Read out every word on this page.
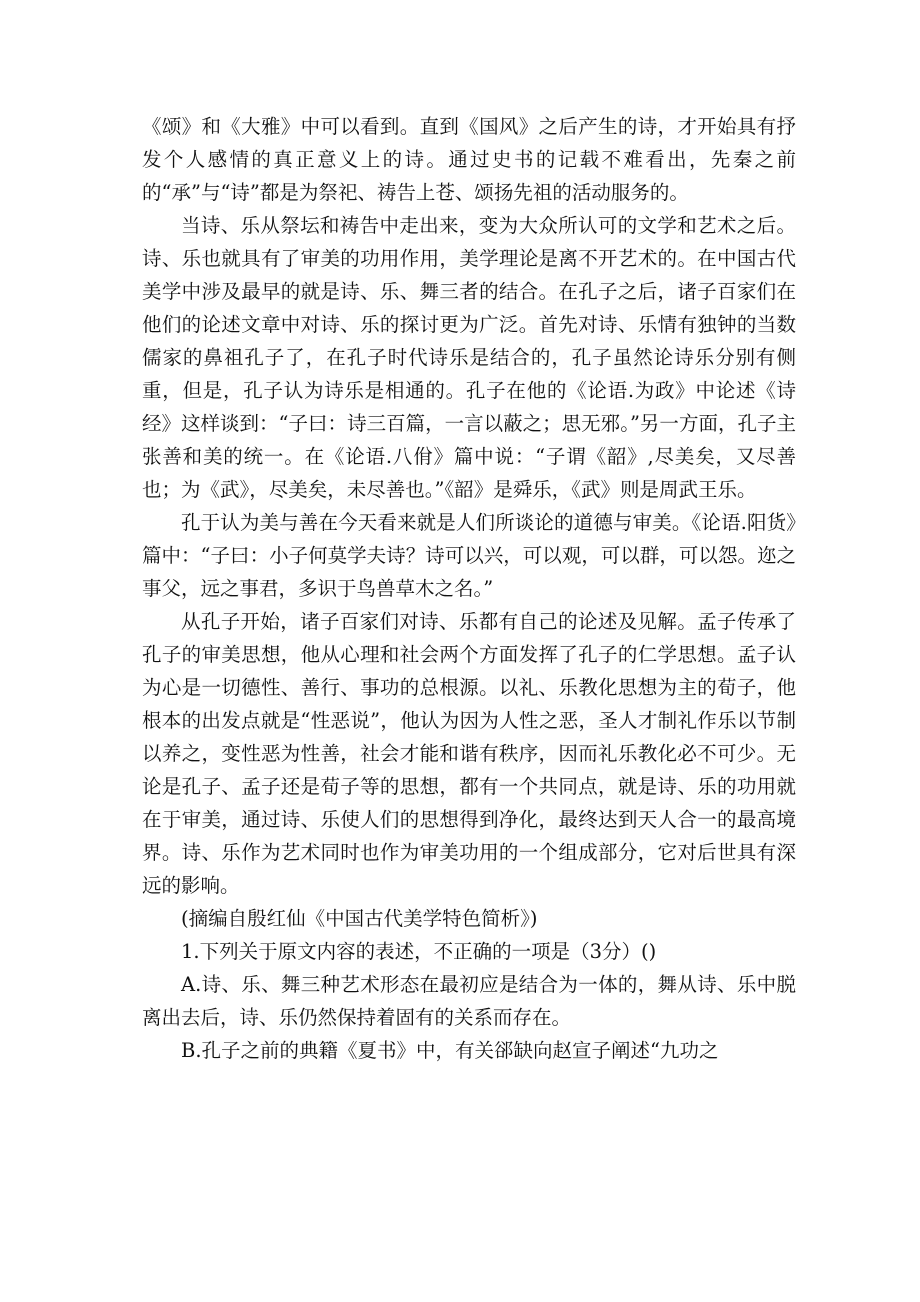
《颂》和《大雅》中可以看到。直到《国风》之后产生的诗，才开始具有抒发个人感情的真正意义上的诗。通过史书的记载不难看出，先秦之前的“承”与“诗”都是为祭祀、祷告上苍、颂扬先祖的活动服务的。

当诗、乐从祭坛和祷告中走出来，变为大众所认可的文学和艺术之后。诗、乐也就具有了审美的功用作用，美学理论是离不开艺术的。在中国古代美学中涉及最早的就是诗、乐、舞三者的结合。在孔子之后，诸子百家们在他们的论述文章中对诗、乐的探讨更为广泛。首先对诗、乐情有独钟的当数儒家的鼻祖孔子了，在孔子时代诗乐是结合的，孔子虽然论诗乐分别有侧重，但是，孔子认为诗乐是相通的。孔子在他的《论语.为政》中论述《诗经》这样谈到：“子曰：诗三百篇，一言以蔽之；思无邪。”另一方面，孔子主张善和美的统一。在《论语.八佾》篇中说：“子谓《韶》,尽美矣，又尽善也；为《武》，尽美矣，未尽善也。”《韶》是舜乐，《武》则是周武王乐。

孔于认为美与善在今天看来就是人们所谈论的道德与审美。《论语.阳货》篇中：“子曰：小子何莫学夫诗？诗可以兴，可以观，可以群，可以怨。迩之事父，远之事君，多识于鸟兽草木之名。”

从孔子开始，诸子百家们对诗、乐都有自己的论述及见解。孟子传承了孔子的审美思想，他从心理和社会两个方面发挥了孔子的仁学思想。孟子认为心是一切德性、善行、事功的总根源。以礼、乐教化思想为主的荀子，他根本的出发点就是“性恶说”，他认为因为人性之恶，圣人才制礼作乐以节制以养之，变性恶为性善，社会才能和谐有秩序，因而礼乐教化必不可少。无论是孔子、孟子还是荀子等的思想，都有一个共同点，就是诗、乐的功用就在于审美，通过诗、乐使人们的思想得到净化，最终达到天人合一的最高境界。诗、乐作为艺术同时也作为审美功用的一个组成部分，它对后世具有深远的影响。

(摘编自殷红仙《中国古代美学特色简析》)

1.下列关于原文内容的表述，不正确的一项是（3分）()

A.诗、乐、舞三种艺术形态在最初应是结合为一体的，舞从诗、乐中脱离出去后，诗、乐仍然保持着固有的关系而存在。

B.孔子之前的典籍《夏书》中，有关郤缺向赵宣子阐述“九功之
